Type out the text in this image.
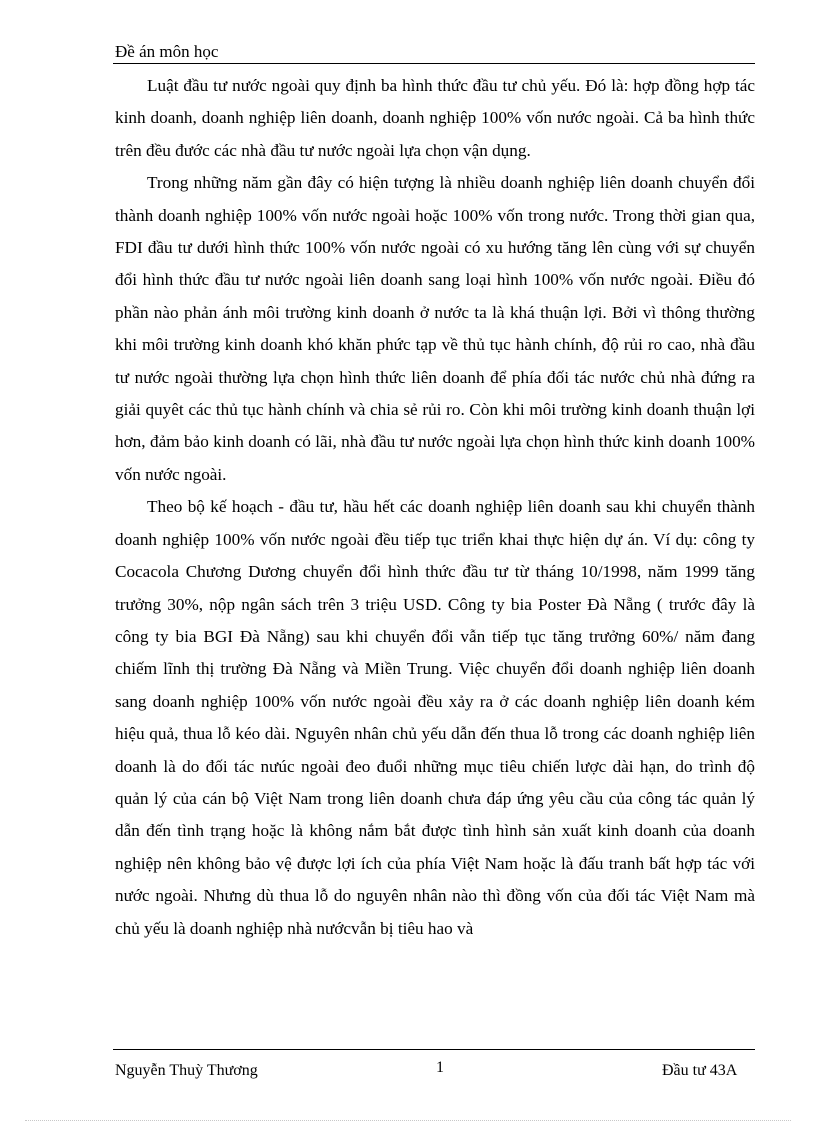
Đề án môn học

Luật đầu tư nước ngoài quy định ba hình thức đầu tư chủ yếu. Đó là: hợp đồng hợp tác kinh doanh, doanh nghiệp liên doanh, doanh nghiệp 100% vốn nước ngoài. Cả ba hình thức trên đều đước các nhà đầu tư nước ngoài lựa chọn vận dụng.

Trong những năm gần đây có hiện tượng là nhiều doanh nghiệp liên doanh chuyển đổi thành doanh nghiệp 100% vốn nước ngoài hoặc 100% vốn trong nước. Trong thời gian qua, FDI đầu tư dưới hình thức 100% vốn nước ngoài có xu hướng tăng lên cùng với sự chuyển đổi hình thức đầu tư nước ngoài liên doanh sang loại hình 100% vốn nước ngoài. Điều đó phần nào phản ánh môi trường kinh doanh ở nước ta là khá thuận lợi. Bởi vì thông thường khi môi trường kinh doanh khó khăn phức tạp về thủ tục hành chính, độ rủi ro cao, nhà đầu tư nước ngoài thường lựa chọn hình thức liên doanh để phía đối tác nước chủ nhà đứng ra giải quyêt các thủ tục hành chính và chia sẻ rủi ro. Còn khi môi trường kinh doanh thuận lợi hơn, đảm bảo kinh doanh có lãi, nhà đầu tư nước ngoài lựa chọn hình thức kinh doanh 100% vốn nước ngoài.

Theo bộ kế hoạch - đầu tư, hầu hết các doanh nghiệp liên doanh sau khi chuyển thành doanh nghiệp 100% vốn nước ngoài đều tiếp tục triển khai thực hiện dự án. Ví dụ: công ty Cocacola Chương Dương chuyển đổi hình thức đầu tư từ tháng 10/1998, năm 1999 tăng trưởng 30%, nộp ngân sách trên 3 triệu USD. Công ty bia Poster Đà Nẵng ( trước đây là công ty bia BGI Đà Nẵng) sau khi chuyển đổi vẫn tiếp tục tăng trưởng 60%/ năm đang chiếm lĩnh thị trường Đà Nẵng và Miền Trung. Việc chuyển đổi doanh nghiệp liên doanh sang doanh nghiệp 100% vốn nước ngoài đều xảy ra ở các doanh nghiệp liên doanh kém hiệu quả, thua lỗ kéo dài. Nguyên nhân chủ yếu dẫn đến thua lỗ trong các doanh nghiệp liên doanh là do đối tác nưúc ngoài đeo đuổi những mục tiêu chiến lược dài hạn, do trình độ quản lý của cán bộ Việt Nam trong liên doanh chưa đáp ứng yêu cầu của công tác quản lý dẫn đến tình trạng hoặc là không nắm bắt được tình hình sản xuất kinh doanh của doanh nghiệp nên không bảo vệ được lợi ích của phía Việt Nam hoặc là đấu tranh bất hợp tác với nước ngoài. Nhưng dù thua lỗ do nguyên nhân nào thì đồng vốn của đối tác Việt Nam mà chủ yếu là doanh nghiệp nhà nướcvẫn bị tiêu hao và

Nguyễn Thuỳ Thương	1	Đầu tư 43A
